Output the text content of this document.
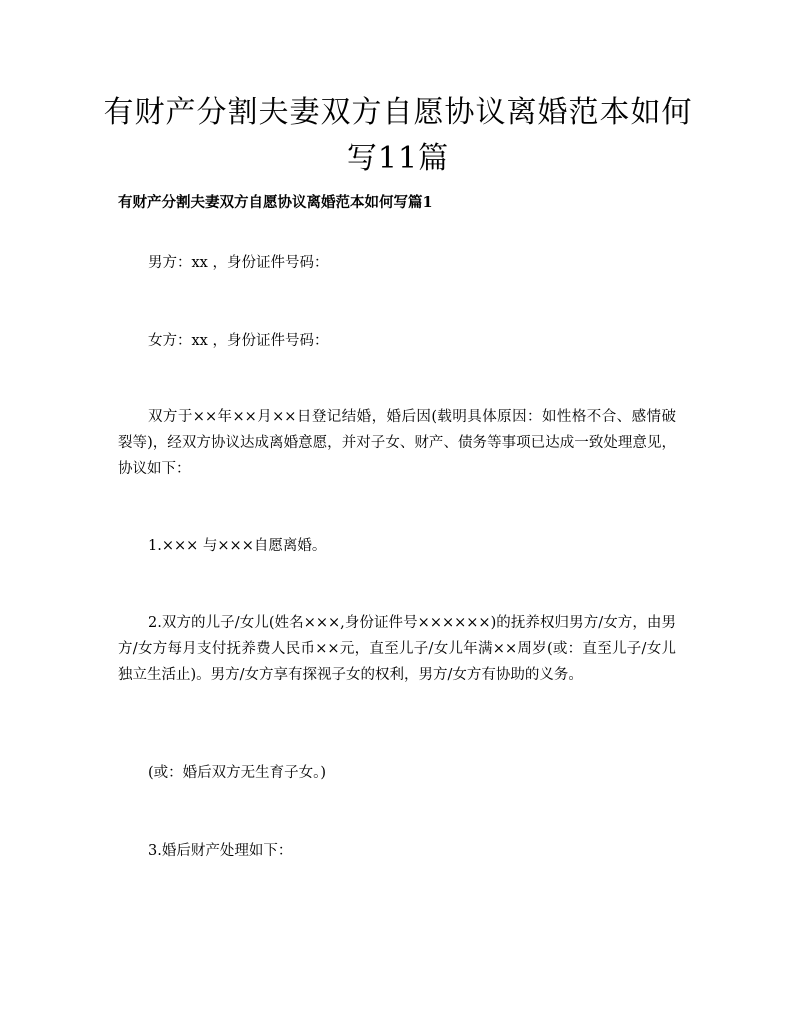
有财产分割夫妻双方自愿协议离婚范本如何写11篇
有财产分割夫妻双方自愿协议离婚范本如何写篇1

男方：xx ，身份证件号码：

女方：xx ，身份证件号码：

双方于××年××月××日登记结婚，婚后因(载明具体原因：如性格不合、感情破裂等)，经双方协议达成离婚意愿，并对子女、财产、债务等事项已达成一致处理意见，协议如下：

1.××× 与×××自愿离婚。

2.双方的儿子/女儿(姓名×××,身份证件号××××××)的抚养权归男方/女方，由男方/女方每月支付抚养费人民币××元，直至儿子/女儿年满××周岁(或：直至儿子/女儿独立生活止)。男方/女方享有探视子女的权利，男方/女方有协助的义务。

(或：婚后双方无生育子女。)

3.婚后财产处理如下：
